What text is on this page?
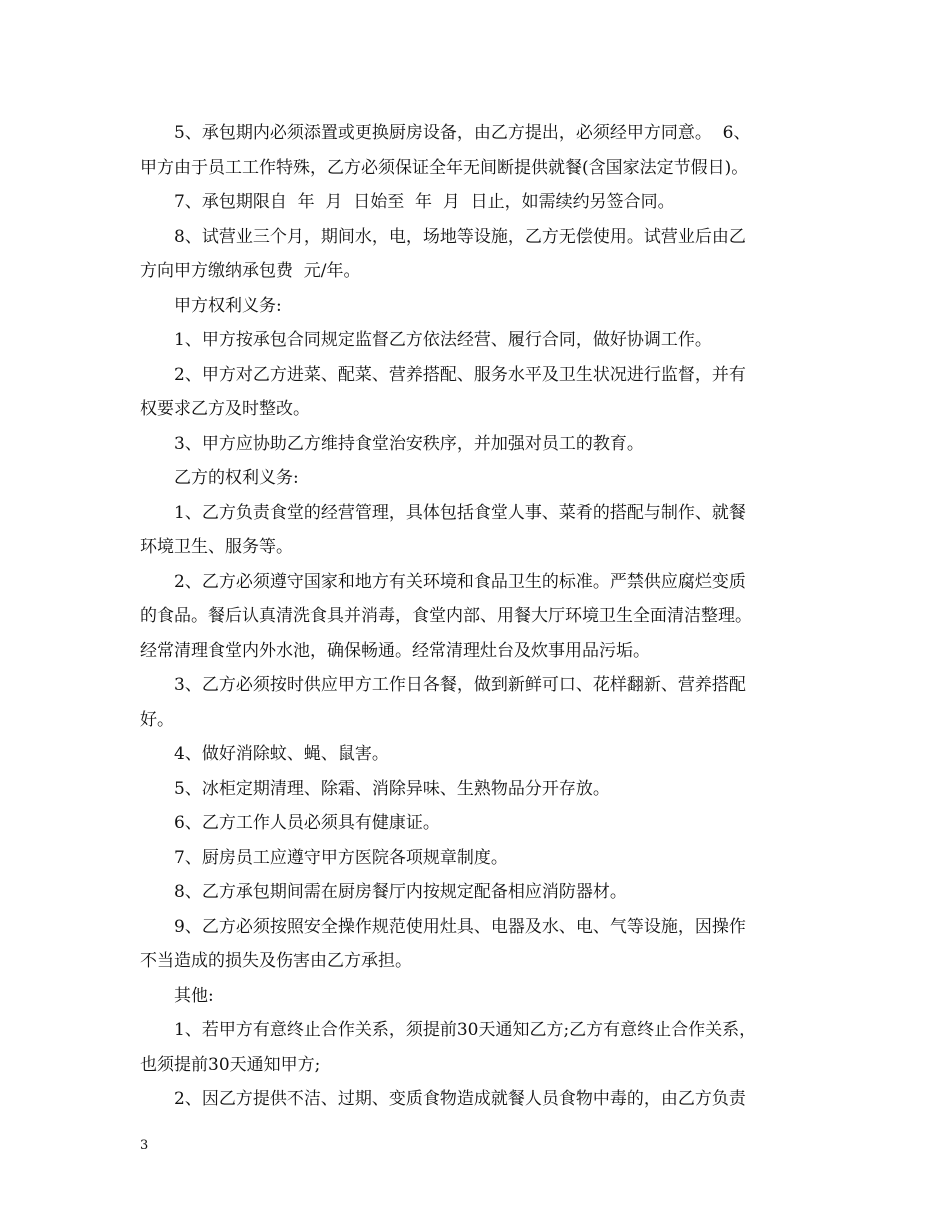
5、承包期内必须添置或更换厨房设备，由乙方提出，必须经甲方同意。  6、

甲方由于员工工作特殊，乙方必须保证全年无间断提供就餐(含国家法定节假日)。

7、承包期限自  年  月  日始至  年  月  日止，如需续约另签合同。

8、试营业三个月，期间水，电，场地等设施，乙方无偿使用。试营业后由乙

方向甲方缴纳承包费  元/年。

甲方权利义务:

1、甲方按承包合同规定监督乙方依法经营、履行合同，做好协调工作。

2、甲方对乙方进菜、配菜、营养搭配、服务水平及卫生状况进行监督，并有

权要求乙方及时整改。

3、甲方应协助乙方维持食堂治安秩序，并加强对员工的教育。

乙方的权利义务:

1、乙方负责食堂的经营管理，具体包括食堂人事、菜肴的搭配与制作、就餐

环境卫生、服务等。

2、乙方必须遵守国家和地方有关环境和食品卫生的标准。严禁供应腐烂变质

的食品。餐后认真清洗食具并消毒，食堂内部、用餐大厅环境卫生全面清洁整理。

经常清理食堂内外水池，确保畅通。经常清理灶台及炊事用品污垢。

3、乙方必须按时供应甲方工作日各餐，做到新鲜可口、花样翻新、营养搭配

好。

4、做好消除蚊、蝇、鼠害。

5、冰柜定期清理、除霜、消除异味、生熟物品分开存放。

6、乙方工作人员必须具有健康证。

7、厨房员工应遵守甲方医院各项规章制度。

8、乙方承包期间需在厨房餐厅内按规定配备相应消防器材。

9、乙方必须按照安全操作规范使用灶具、电器及水、电、气等设施，因操作

不当造成的损失及伤害由乙方承担。

其他:

1、若甲方有意终止合作关系，须提前30天通知乙方;乙方有意终止合作关系，

也须提前30天通知甲方;

2、因乙方提供不洁、过期、变质食物造成就餐人员食物中毒的，由乙方负责

3
